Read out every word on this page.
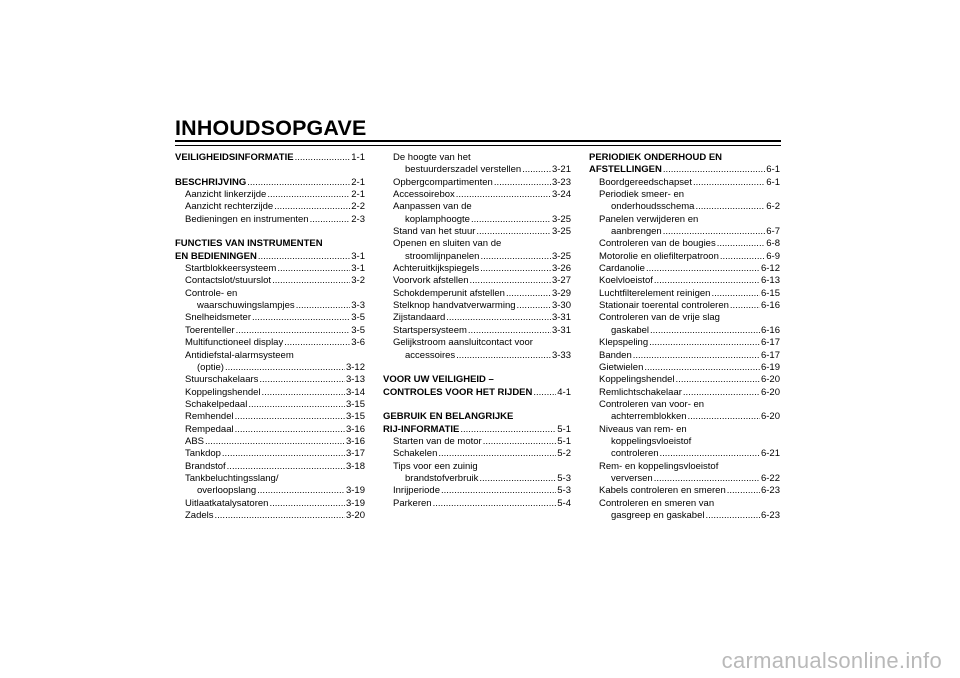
INHOUDSOPGAVE
VEILIGHEIDSINFORMATIE .....	1-1
BESCHRIJVING .....	2-1
Aanzicht linkerzijde .....	2-1
Aanzicht rechterzijde .....	2-2
Bedieningen en instrumenten .....	2-3
FUNCTIES VAN INSTRUMENTEN
EN BEDIENINGEN .....	3-1
Startblokkeersysteem .....	3-1
Contactslot/stuurslot .....	3-2
Controle- en
waarschuwingslampjes .....	3-3
Snelheidsmeter .....	3-5
Toerenteller .....	3-5
Multifunctioneel display .....	3-6
Antidiefstal-alarmsysteem
(optie) .....	3-12
Stuurschakelaars .....	3-13
Koppelingshendel .....	3-14
Schakelpedaal .....	3-15
Remhendel .....	3-15
Rempedaal .....	3-16
ABS .....	3-16
Tankdop .....	3-17
Brandstof .....	3-18
Tankbeluchtingsslang/
overloopslang .....	3-19
Uitlaatkatalysatoren .....	3-19
Zadels .....	3-20
De hoogte van het
bestuurderszadel verstellen .....	3-21
Opbergcompartimenten .....	3-23
Accessoirebox .....	3-24
Aanpassen van de
koplamphoogte .....	3-25
Stand van het stuur .....	3-25
Openen en sluiten van de
stroomlijnpanelen .....	3-25
Achteruitkijkspiegels .....	3-26
Voorvork afstellen .....	3-27
Schokdemperunit afstellen .....	3-29
Stelknop handvatverwarming .....	3-30
Zijstandaard .....	3-31
Startspersysteem .....	3-31
Gelijkstroom aansluitcontact voor
accessoires .....	3-33
VOOR UW VEILIGHEID –
CONTROLES VOOR HET RIJDEN .....	4-1
GEBRUIK EN BELANGRIJKE
RIJ-INFORMATIE .....	5-1
Starten van de motor .....	5-1
Schakelen .....	5-2
Tips voor een zuinig
brandstofverbruik .....	5-3
Inrijperiode .....	5-3
Parkeren .....	5-4
PERIODIEK ONDERHOUD EN
AFSTELLINGEN .....	6-1
Boordgereedschapset .....	6-1
Periodiek smeer- en
onderhoudsschema .....	6-2
Panelen verwijderen en
aanbrengen .....	6-7
Controleren van de bougies .....	6-8
Motorolie en oliefilterpatroon .....	6-9
Cardanolie .....	6-12
Koelvloeistof .....	6-13
Luchtfilterelement reinigen .....	6-15
Stationair toerental controleren .....	6-16
Controleren van de vrije slag
gaskabel .....	6-16
Klepspeling .....	6-17
Banden .....	6-17
Gietwielen .....	6-19
Koppelingshendel .....	6-20
Remlichtschakelaar .....	6-20
Controleren van voor- en
achterremblokken .....	6-20
Niveaus van rem- en
koppelingsvloeistof
controleren .....	6-21
Rem- en koppelingsvloeistof
verversen .....	6-22
Kabels controleren en smeren .....	6-23
Controleren en smeren van
gasgreep en gaskabel .....	6-23
carmanualsonline.info
